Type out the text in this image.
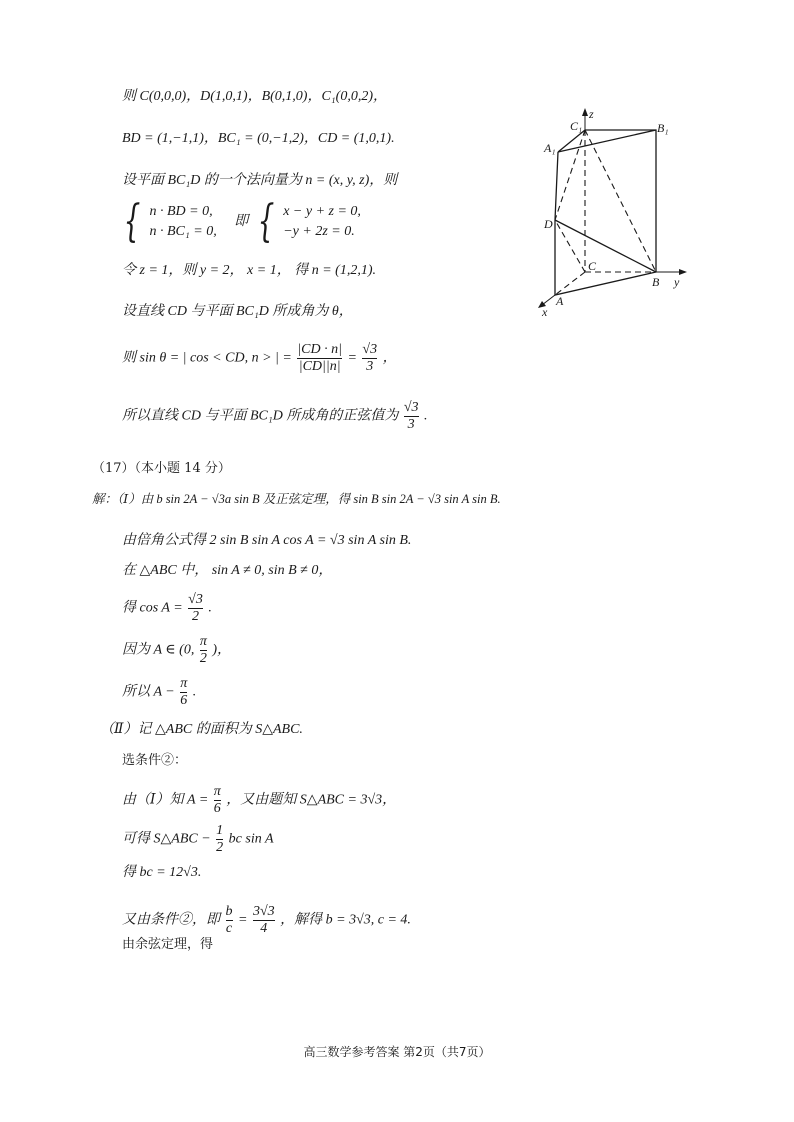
则 C(0,0,0)，D(1,0,1)，B(0,1,0)，C₁(0,0,2)，
BD = (1,−1,1)，BC₁ = (0,−1,2)，CD = (1,0,1).
设平面 BC₁D 的一个法向量为 n = (x, y, z)，则
{ n · BD = 0,
n · BC₁ = 0,
即 { x − y + z = 0,
−y + 2z = 0.
令 z = 1，则 y = 2， x = 1， 得 n = (1,2,1).
设直线 CD 与平面 BC₁D 所成角为 θ，
则 sin θ = | cos < CD, n > | = $\frac{|CD \cdot n|}{|CD||n|} = \frac{√3}{3}$ ，
所以直线 CD 与平面 BC₁D 所成角的正弦值为 $\frac{√3}{3}$ .
z
y
x
C₁	B₁
A₁
D
C
A
B
（17）（本小题 14 分）
解：（Ⅰ）由 b sin 2A − √3a sin B 及正弦定理，得 sin B sin 2A − √3 sin A sin B.
由倍角公式得 2 sin B sin A cos A = √3 sin A sin B.
在 △ABC 中， sin A ≠ 0, sin B ≠ 0，
得 $\cos A = \frac{√3}{2}$ .
因为 A ∈ (0, $\frac{\pi}{2}$ )，
所以 $A - \frac{\pi}{6}$ .
（Ⅱ）记 △ABC 的面积为 S△ABC.
选条件②：
由（Ⅰ）知 $A = \frac{\pi}{6}$ ，又由题知 S△ABC = 3√3，
可得 S△ABC − $\frac{1}{2}$ bc sin A
得 bc = 12√3.
又由条件②，即 $\frac{b}{c} = \frac{3√3}{4}$ ，解得 b = 3√3, c = 4.
由余弦定理，得
高三数学参考答案 第2页（共7页）
